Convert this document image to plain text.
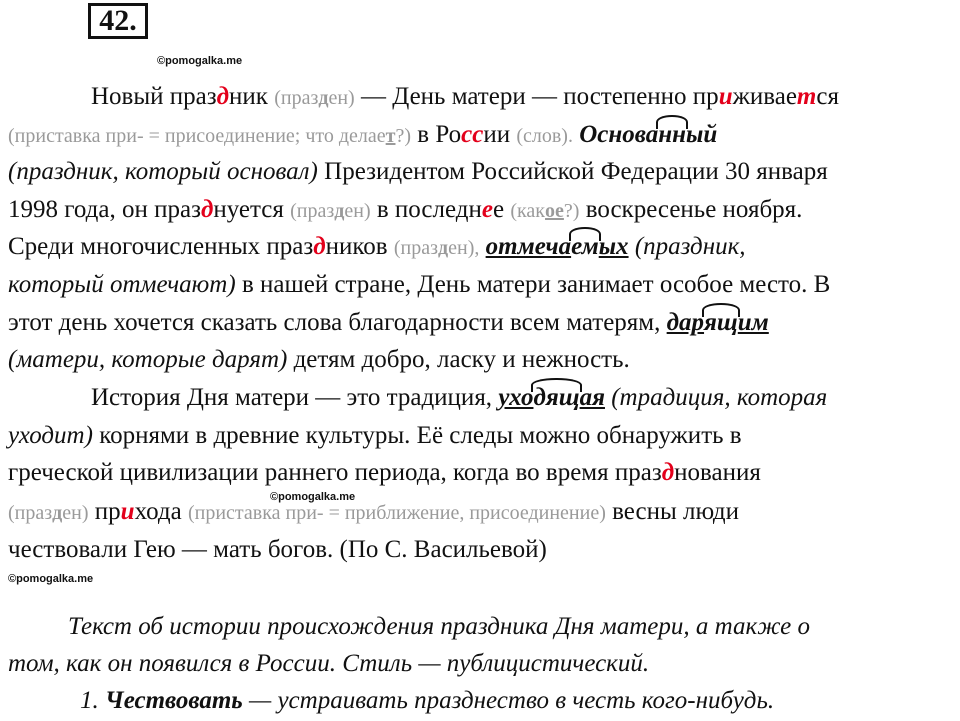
42.
©pomogalka.me
Новый праздник (празден) — День матери — постепенно приживается
(приставка при- = присоединение; что делает?) в России (слов). Основанный
(праздник, который основал) Президентом Российской Федерации 30 января
1998 года, он празднуется (празден) в последнее (какое?) воскресенье ноября.
Среди многочисленных праздников (празден), отмечаемых (праздник,
который отмечают) в нашей стране, День матери занимает особое место. В
этот день хочется сказать слова благодарности всем матерям, дарящим
(матери, которые дарят) детям добро, ласку и нежность.
История Дня матери — это традиция, уходящая (традиция, которая
уходит) корнями в древние культуры. Её следы можно обнаружить в
греческой цивилизации раннего периода, когда во время празднования
©pomogalka.me
(празден) прихода (приставка при- = приближение, присоединение) весны люди
чествовали Гею — мать богов. (По С. Васильевой)
©pomogalka.me
Текст об истории происхождения праздника Дня матери, а также о
том, как он появился в России. Стиль — публицистический.
1. Чествовать — устраивать празднество в честь кого-нибудь.
